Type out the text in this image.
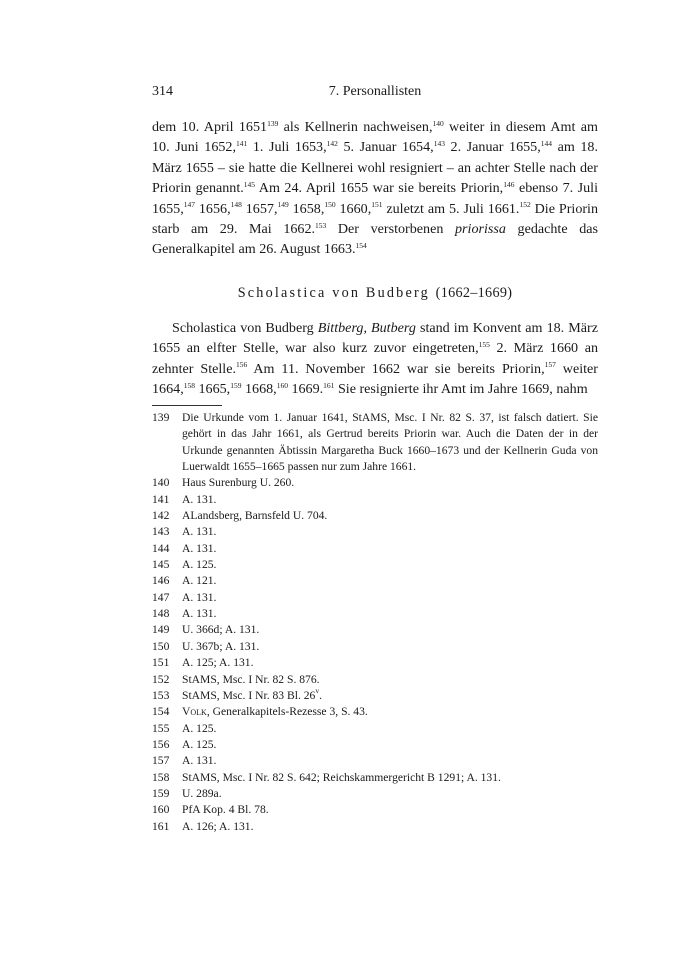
314	7. Personallisten

dem 10. April 1651$^{139}$ als Kellnerin nachweisen,$^{140}$ weiter in diesem Amt am 10. Juni 1652,$^{141}$ 1. Juli 1653,$^{142}$ 5. Januar 1654,$^{143}$ 2. Januar 1655,$^{144}$ am 18. März 1655 – sie hatte die Kellnerei wohl resigniert – an achter Stelle nach der Priorin genannt.$^{145}$ Am 24. April 1655 war sie bereits Priorin,$^{146}$ ebenso 7. Juli 1655,$^{147}$ 1656,$^{148}$ 1657,$^{149}$ 1658,$^{150}$ 1660,$^{151}$ zuletzt am 5. Juli 1661.$^{152}$ Die Priorin starb am 29. Mai 1662.$^{153}$ Der verstorbenen priorissa gedachte das Generalkapitel am 26. August 1663.$^{154}$

Scholastica von Budberg (1662–1669)

Scholastica von Budberg Bittberg, Butberg stand im Konvent am 18. März 1655 an elfter Stelle, war also kurz zuvor eingetreten,$^{155}$ 2. März 1660 an zehnter Stelle.$^{156}$ Am 11. November 1662 war sie bereits Priorin,$^{157}$ weiter 1664,$^{158}$ 1665,$^{159}$ 1668,$^{160}$ 1669.$^{161}$ Sie resignierte ihr Amt im Jahre 1669, nahm

139 Die Urkunde vom 1. Januar 1641, StAMS, Msc. I Nr. 82 S. 37, ist falsch datiert. Sie gehört in das Jahr 1661, als Gertrud bereits Priorin war. Auch die Daten der in der Urkunde genannten Äbtissin Margaretha Buck 1660–1673 und der Kellnerin Guda von Luerwaldt 1655–1665 passen nur zum Jahre 1661.
140 Haus Surenburg U. 260.
141 A. 131.
142 ALandsberg, Barnsfeld U. 704.
143 A. 131.
144 A. 131.
145 A. 125.
146 A. 121.
147 A. 131.
148 A. 131.
149 U. 366d; A. 131.
150 U. 367b; A. 131.
151 A. 125; A. 131.
152 StAMS, Msc. I Nr. 82 S. 876.
153 StAMS, Msc. I Nr. 83 Bl. 26$^v$.
154 Volk, Generalkapitels-Rezesse 3, S. 43.
155 A. 125.
156 A. 125.
157 A. 131.
158 StAMS, Msc. I Nr. 82 S. 642; Reichskammergericht B 1291; A. 131.
159 U. 289a.
160 PfA Kop. 4 Bl. 78.
161 A. 126; A. 131.
